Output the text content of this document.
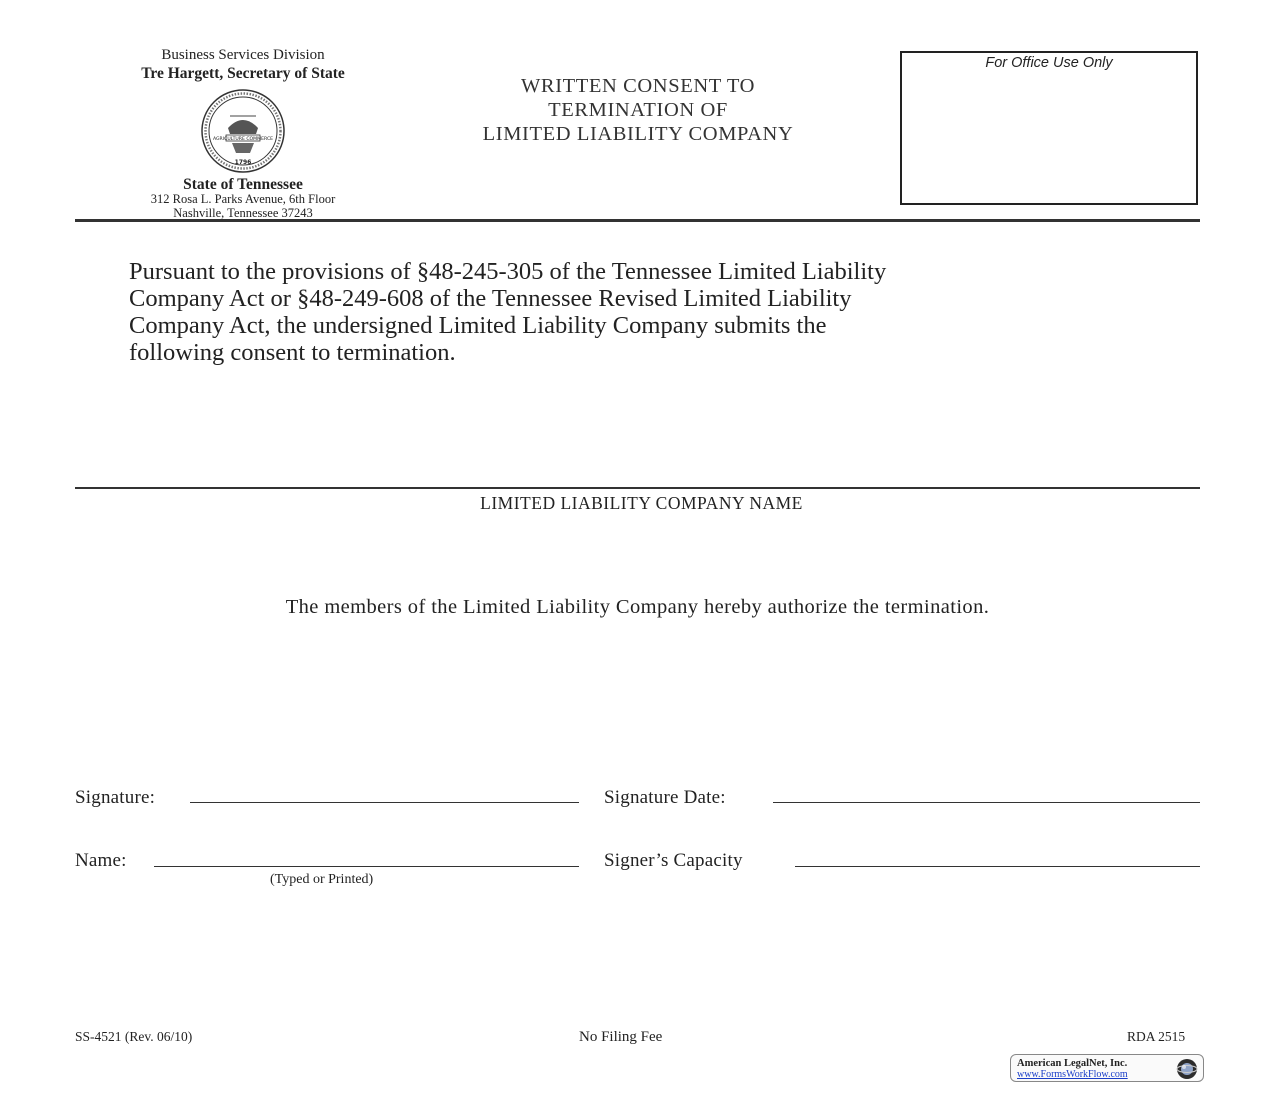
Business Services Division
Tre Hargett, Secretary of State
AGRICULTURE COMMERCE
1796
State of Tennessee
312 Rosa L. Parks Avenue, 6th Floor
Nashville, Tennessee 37243
WRITTEN CONSENT TO
TERMINATION OF
LIMITED LIABILITY COMPANY
For Office Use Only
Pursuant to the provisions of §48-245-305 of the Tennessee Limited Liability
Company Act or §48-249-608 of the Tennessee Revised Limited Liability
Company Act, the undersigned Limited Liability Company submits the
following consent to termination.
LIMITED LIABILITY COMPANY NAME
The members of the Limited Liability Company hereby authorize the termination.
Signature:	Signature Date:
Name:
(Typed or Printed)
Signer’s Capacity
SS-4521 (Rev. 06/10)	No Filing Fee	RDA 2515
American LegalNet, Inc.
www.FormsWorkFlow.com
